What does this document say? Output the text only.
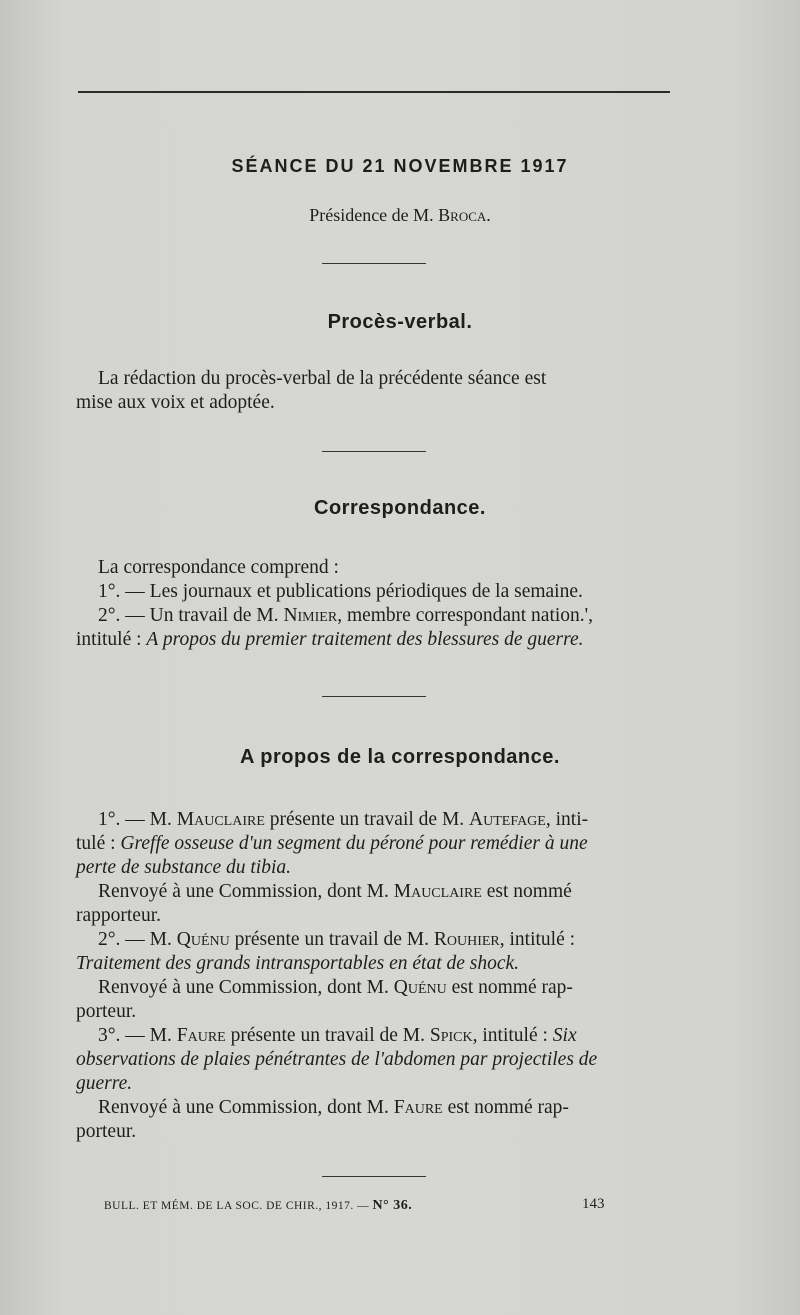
SÉANCE DU 21 NOVEMBRE 1917
Présidence de M. Broca.
Procès-verbal.
La rédaction du procès-verbal de la précédente séance est
mise aux voix et adoptée.
Correspondance.
La correspondance comprend :
1°. — Les journaux et publications périodiques de la semaine.
2°. — Un travail de M. Nimier, membre correspondant nation.',
intitulé : A propos du premier traitement des blessures de guerre.
A propos de la correspondance.
1°. — M. Mauclaire présente un travail de M. Autefage, inti-
tulé : Greffe osseuse d'un segment du péroné pour remédier à une
perte de substance du tibia.
Renvoyé à une Commission, dont M. Mauclaire est nommé
rapporteur.
2°. — M. Quénu présente un travail de M. Rouhier, intitulé :
Traitement des grands intransportables en état de shock.
Renvoyé à une Commission, dont M. Quénu est nommé rap-
porteur.
3°. — M. Faure présente un travail de M. Spick, intitulé : Six
observations de plaies pénétrantes de l'abdomen par projectiles de
guerre.
Renvoyé à une Commission, dont M. Faure est nommé rap-
porteur.
BULL. ET MÉM. DE LA SOC. DE CHIR., 1917. — N° 36.	143
